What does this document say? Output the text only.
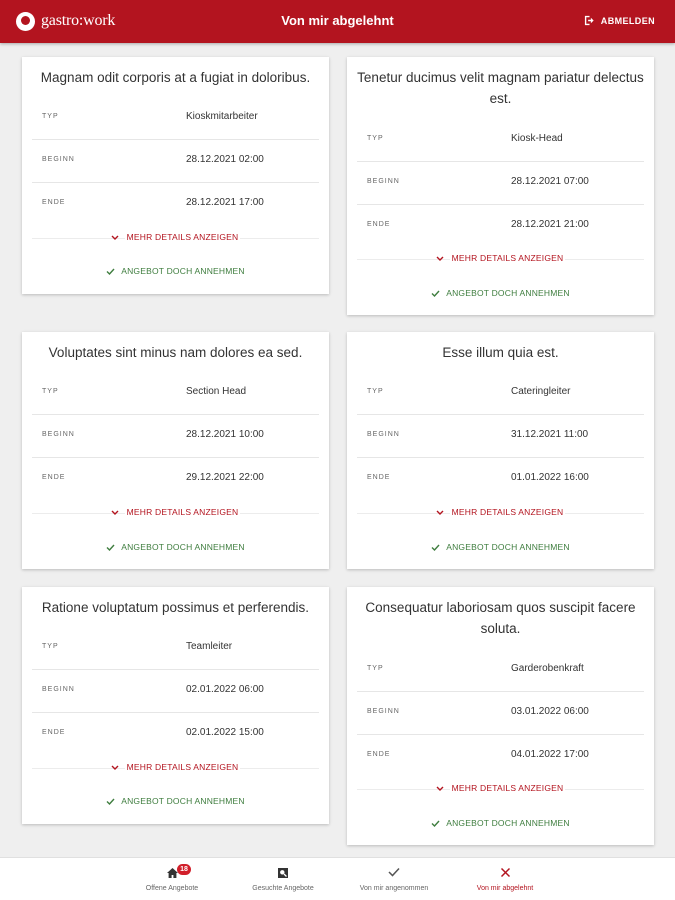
gastro:work	Von mir abgelehnt	ABMELDEN
Magnam odit corporis at a fugiat in doloribus.
TYP	Kioskmitarbeiter
BEGINN	28.12.2021 02:00
ENDE	28.12.2021 17:00
MEHR DETAILS ANZEIGEN
ANGEBOT DOCH ANNEHMEN
Tenetur ducimus velit magnam pariatur delectus est.
TYP	Kiosk-Head
BEGINN	28.12.2021 07:00
ENDE	28.12.2021 21:00
MEHR DETAILS ANZEIGEN
ANGEBOT DOCH ANNEHMEN
Voluptates sint minus nam dolores ea sed.
TYP	Section Head
BEGINN	28.12.2021 10:00
ENDE	29.12.2021 22:00
MEHR DETAILS ANZEIGEN
ANGEBOT DOCH ANNEHMEN
Esse illum quia est.
TYP	Cateringleiter
BEGINN	31.12.2021 11:00
ENDE	01.01.2022 16:00
MEHR DETAILS ANZEIGEN
ANGEBOT DOCH ANNEHMEN
Ratione voluptatum possimus et perferendis.
TYP	Teamleiter
BEGINN	02.01.2022 06:00
ENDE	02.01.2022 15:00
MEHR DETAILS ANZEIGEN
ANGEBOT DOCH ANNEHMEN
Consequatur laboriosam quos suscipit facere soluta.
TYP	Garderobenkraft
BEGINN	03.01.2022 06:00
ENDE	04.01.2022 17:00
MEHR DETAILS ANZEIGEN
ANGEBOT DOCH ANNEHMEN
18
Offene Angebote	Gesuchte Angebote	Von mir angenommen	Von mir abgelehnt
